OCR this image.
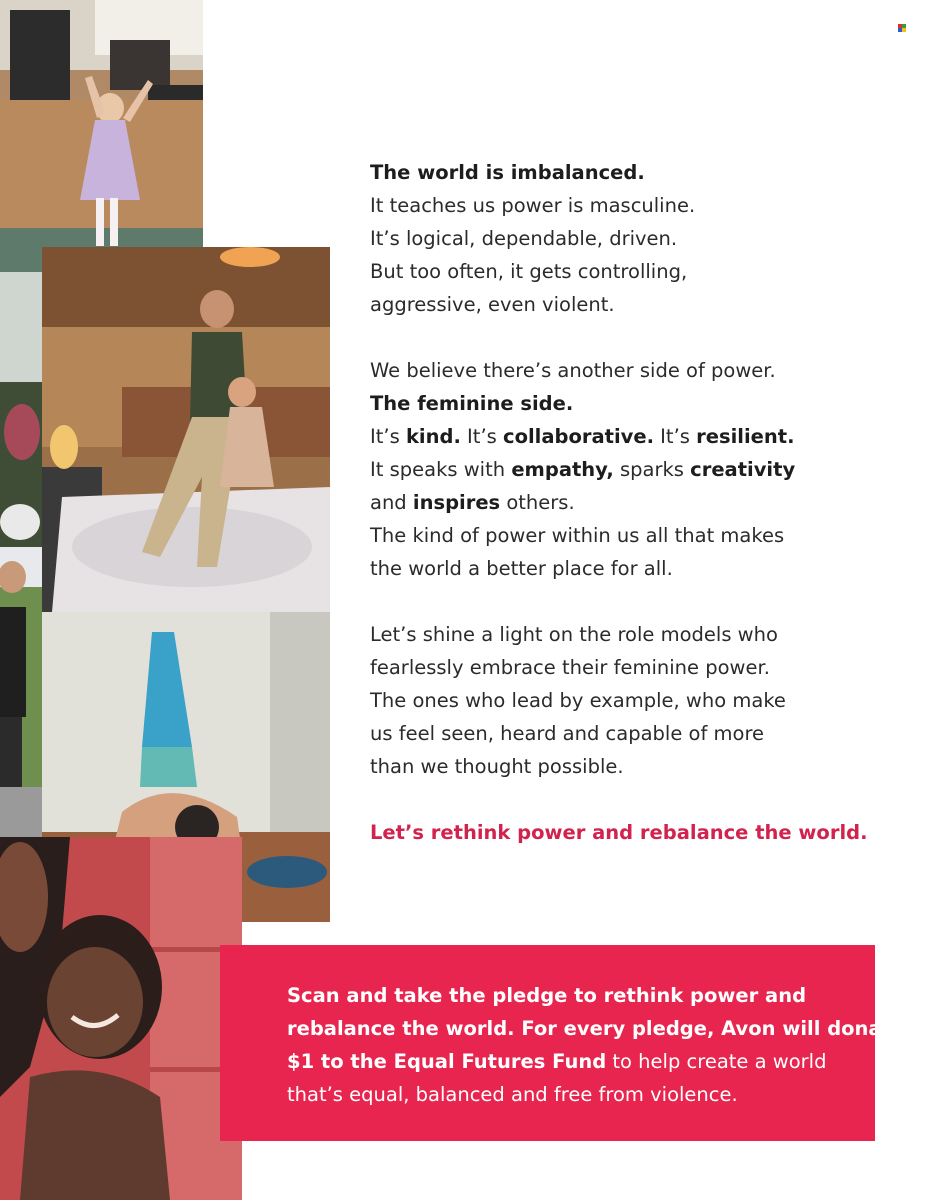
The world is imbalanced.
It teaches us power is masculine.
It’s logical, dependable, driven.
But too often, it gets controlling,
aggressive, even violent.
We believe there’s another side of power.
The feminine side.
It’s kind. It’s collaborative. It’s resilient.
It speaks with empathy, sparks creativity
and inspires others.
The kind of power within us all that makes
the world a better place for all.
Let’s shine a light on the role models who
fearlessly embrace their feminine power.
The ones who lead by example, who make
us feel seen, heard and capable of more
than we thought possible.
Let’s rethink power and rebalance the world.
Scan and take the pledge to rethink power and
rebalance the world. For every pledge, Avon will donate
$1 to the Equal Futures Fund to help create a world
that’s equal, balanced and free from violence.
